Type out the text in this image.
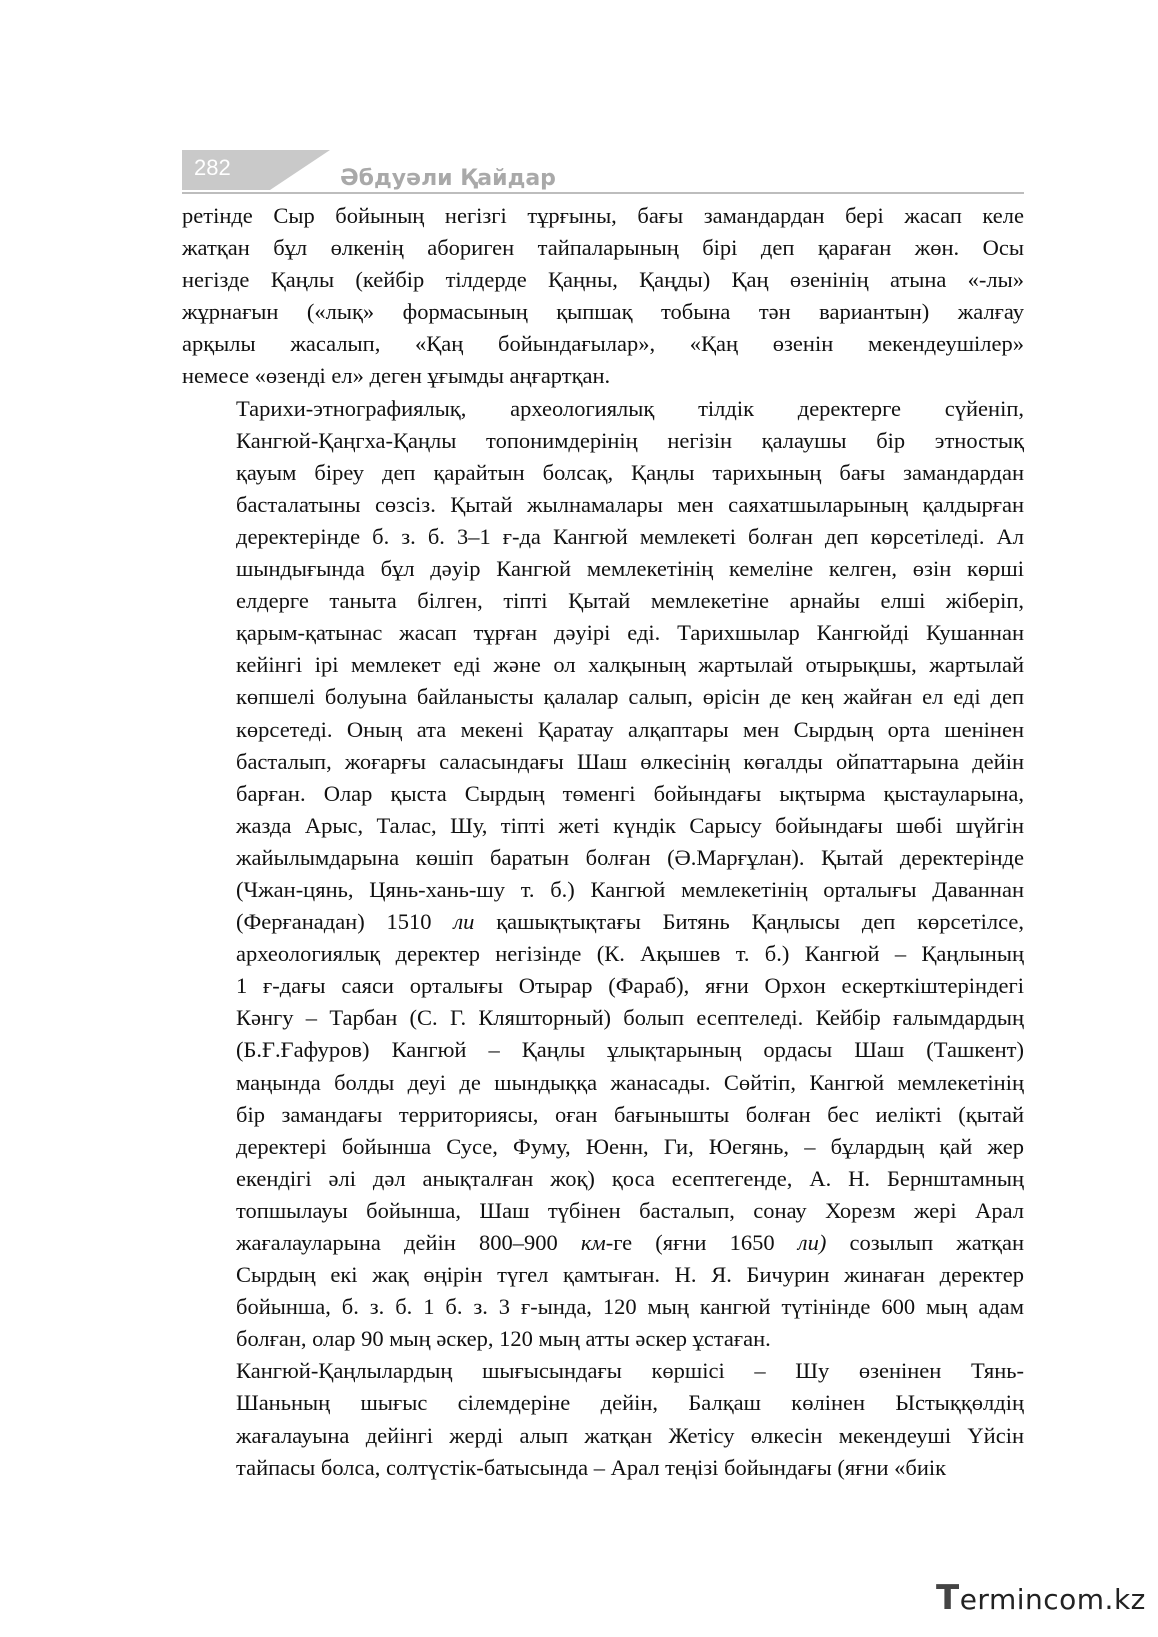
282	Әбдуәли Қайдар

ретінде Сыр бойының негізгі тұрғыны, бағы замандардан бері жасап келе
жатқан бұл өлкенің абориген тайпаларының бірі деп қараған жөн. Осы
негізде Қаңлы (кейбір тілдерде Қаңны, Қаңды) Қаң өзенінің атына «-лы»
жұрнағын («лық» формасының қыпшақ тобына тән вариантын) жалғау
арқылы жасалып, «Қаң бойындағылар», «Қаң өзенін мекендеушілер»
немесе «өзенді ел» деген ұғымды аңғартқан.

Тарихи-этнографиялық, археологиялық тілдік деректерге сүйеніп,
Кангюй-Қаңгха-Қаңлы топонимдерінің негізін қалаушы бір этностық
қауым біреу деп қарайтын болсақ, Қаңлы тарихының бағы замандардан
басталатыны сөзсіз. Қытай жылнамалары мен саяхатшыларының қалдырған
деректерінде б. з. б. 3–1 ғ-да Кангюй мемлекеті болған деп көрсетіледі. Ал
шындығында бұл дәуір Кангюй мемлекетінің кемеліне келген, өзін көрші
елдерге таныта білген, тіпті Қытай мемлекетіне арнайы елші жіберіп,
қарым-қатынас жасап тұрған дәуірі еді. Тарихшылар Кангюйді Кушаннан
кейінгі ірі мемлекет еді және ол халқының жартылай отырықшы, жартылай
көпшелі болуына байланысты қалалар салып, өрісін де кең жайған ел еді деп
көрсетеді. Оның ата мекені Қаратау алқаптары мен Сырдың орта шенінен
басталып, жоғарғы саласындағы Шаш өлкесінің көгалды ойпаттарына дейін
барған. Олар қыста Сырдың төменгі бойындағы ықтырма қыстауларына,
жазда Арыс, Талас, Шу, тіпті жеті күндік Сарысу бойындағы шөбі шүйгін
жайылымдарына көшіп баратын болған (Ә.Марғұлан). Қытай деректерінде
(Чжан-цянь, Цянь-хань-шу т. б.) Кангюй мемлекетінің орталығы Даваннан
(Ферғанадан) 1510 ли қашықтықтағы Битянь Қаңлысы деп көрсетілсе,
археологиялық деректер негізінде (К. Ақышев т. б.) Кангюй – Қаңлының
1 ғ-дағы саяси орталығы Отырар (Фараб), яғни Орхон ескерткіштеріндегі
Кәнгу – Тарбан (С. Г. Кляшторный) болып есептеледі. Кейбір ғалымдардың
(Б.Ғ.Ғафуров) Кангюй – Қаңлы ұлықтарының ордасы Шаш (Ташкент)
маңында болды деуі де шындыққа жанасады. Сөйтіп, Кангюй мемлекетінің
бір замандағы территориясы, оған бағынышты болған бес иелікті (қытай
деректері бойынша Сусе, Фуму, Юенн, Ги, Юегянь, – бұлардың қай жер
екендігі әлі дәл анықталған жоқ) қоса есептегенде, А. Н. Бернштамның
топшылауы бойынша, Шаш түбінен басталып, сонау Хорезм жері Арал
жағалауларына дейін 800–900 км-ге (яғни 1650 ли) созылып жатқан
Сырдың екі жақ өңірін түгел қамтыған. Н. Я. Бичурин жинаған деректер
бойынша, б. з. б. 1 б. з. 3 ғ-ында, 120 мың кангюй түтінінде 600 мың адам
болған, олар 90 мың әскер, 120 мың атты әскер ұстаған.

Кангюй-Қаңлылардың шығысындағы көршісі – Шу өзенінен Тянь-
Шаньның шығыс сілемдеріне дейін, Балқаш көлінен Ыстыққөлдің
жағалауына дейінгі жерді алып жатқан Жетісу өлкесін мекендеуші Үйсін
тайпасы болса, солтүстік-батысында – Арал теңізі бойындағы (яғни «биік

Termincom.kz
